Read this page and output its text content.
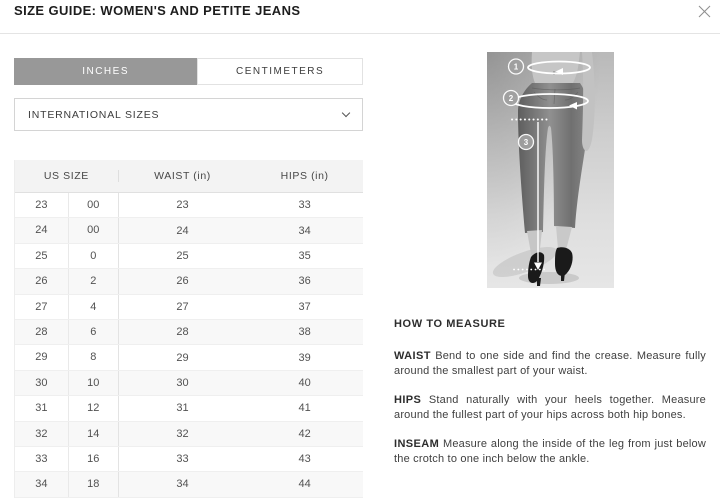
SIZE GUIDE: WOMEN'S AND PETITE JEANS
INCHES	CENTIMETERS
INTERNATIONAL SIZES
US SIZE	WAIST (in)	HIPS (in)
23	00	23	33
24	00	24	34
25	0	25	35
26	2	26	36
27	4	27	37
28	6	28	38
29	8	29	39
30	10	30	40
31	12	31	41
32	14	32	42
33	16	33	43
34	18	34	44
1
2
3
HOW TO MEASURE

WAIST Bend to one side and find the crease. Measure fully around the smallest part of your waist.

HIPS Stand naturally with your heels together. Measure around the fullest part of your hips across both hip bones.

INSEAM Measure along the inside of the leg from just below the crotch to one inch below the ankle.
